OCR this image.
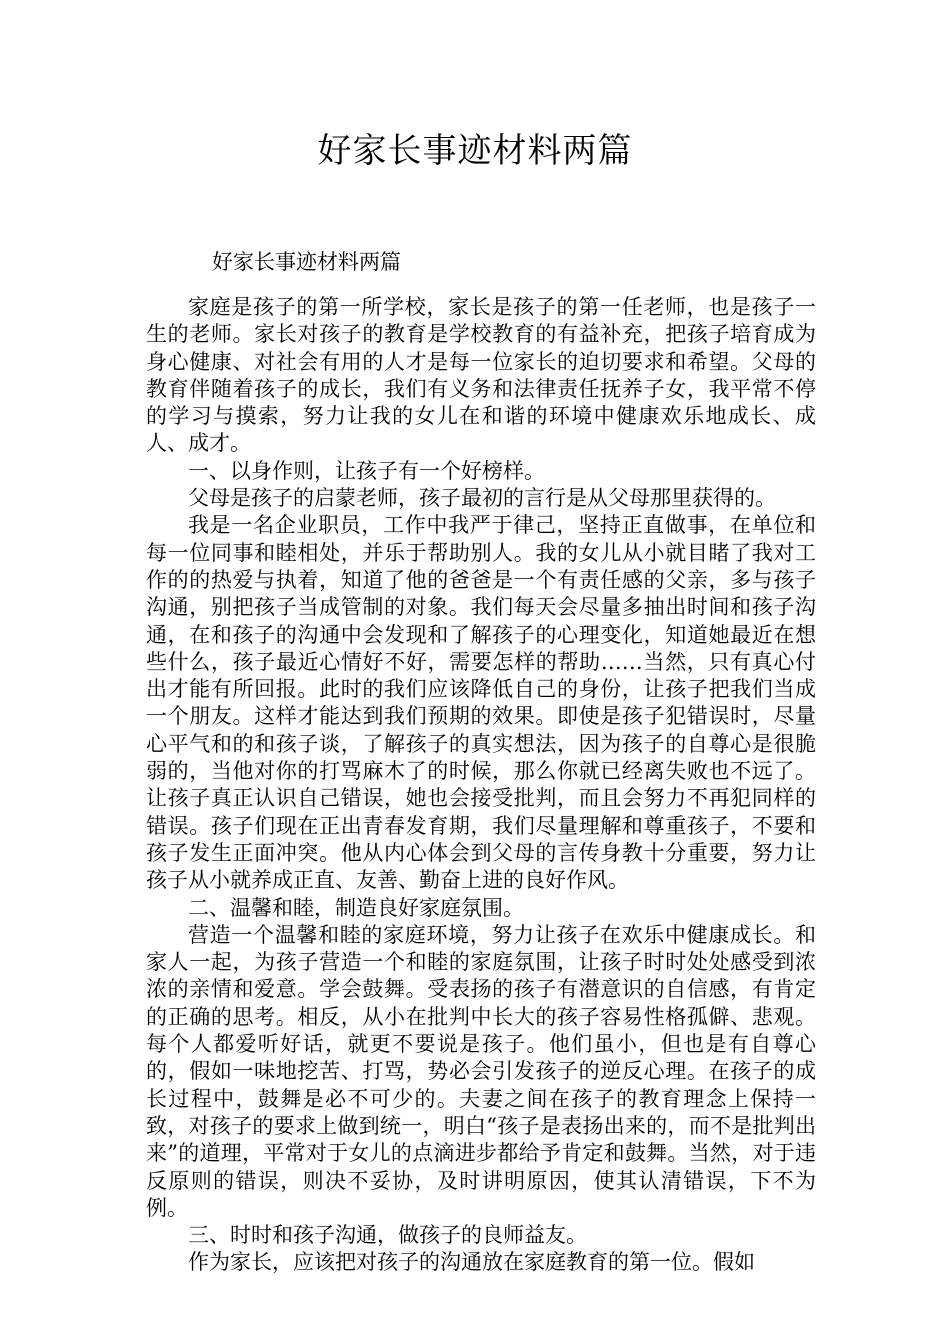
好家长事迹材料两篇
好家长事迹材料两篇

家庭是孩子的第一所学校，家长是孩子的第一任老师，也是孩子一生的老师。家长对孩子的教育是学校教育的有益补充，把孩子培育成为身心健康、对社会有用的人才是每一位家长的迫切要求和希望。父母的教育伴随着孩子的成长，我们有义务和法律责任抚养子女，我平常不停的学习与摸索，努力让我的女儿在和谐的环境中健康欢乐地成长、成人、成才。

一、以身作则，让孩子有一个好榜样。

父母是孩子的启蒙老师，孩子最初的言行是从父母那里获得的。

我是一名企业职员，工作中我严于律己，坚持正直做事，在单位和每一位同事和睦相处，并乐于帮助别人。我的女儿从小就目睹了我对工作的的热爱与执着，知道了他的爸爸是一个有责任感的父亲，多与孩子沟通，别把孩子当成管制的对象。我们每天会尽量多抽出时间和孩子沟通，在和孩子的沟通中会发现和了解孩子的心理变化，知道她最近在想些什么，孩子最近心情好不好，需要怎样的帮助……当然，只有真心付出才能有所回报。此时的我们应该降低自己的身份，让孩子把我们当成一个朋友。这样才能达到我们预期的效果。即使是孩子犯错误时，尽量心平气和的和孩子谈，了解孩子的真实想法，因为孩子的自尊心是很脆弱的，当他对你的打骂麻木了的时候，那么你就已经离失败也不远了。让孩子真正认识自己错误，她也会接受批判，而且会努力不再犯同样的错误。孩子们现在正出青春发育期，我们尽量理解和尊重孩子，不要和孩子发生正面冲突。他从内心体会到父母的言传身教十分重要，努力让孩子从小就养成正直、友善、勤奋上进的良好作风。

二、温馨和睦，制造良好家庭氛围。

营造一个温馨和睦的家庭环境，努力让孩子在欢乐中健康成长。和家人一起，为孩子营造一个和睦的家庭氛围，让孩子时时处处感受到浓浓的亲情和爱意。学会鼓舞。受表扬的孩子有潜意识的自信感，有肯定的正确的思考。相反，从小在批判中长大的孩子容易性格孤僻、悲观。每个人都爱听好话，就更不要说是孩子。他们虽小，但也是有自尊心的，假如一味地挖苦、打骂，势必会引发孩子的逆反心理。在孩子的成长过程中，鼓舞是必不可少的。夫妻之间在孩子的教育理念上保持一致，对孩子的要求上做到统一，明白“孩子是表扬出来的，而不是批判出来”的道理，平常对于女儿的点滴进步都给予肯定和鼓舞。当然，对于违反原则的错误，则决不妥协，及时讲明原因，使其认清错误，下不为例。

三、时时和孩子沟通，做孩子的良师益友。

作为家长，应该把对孩子的沟通放在家庭教育的第一位。假如
